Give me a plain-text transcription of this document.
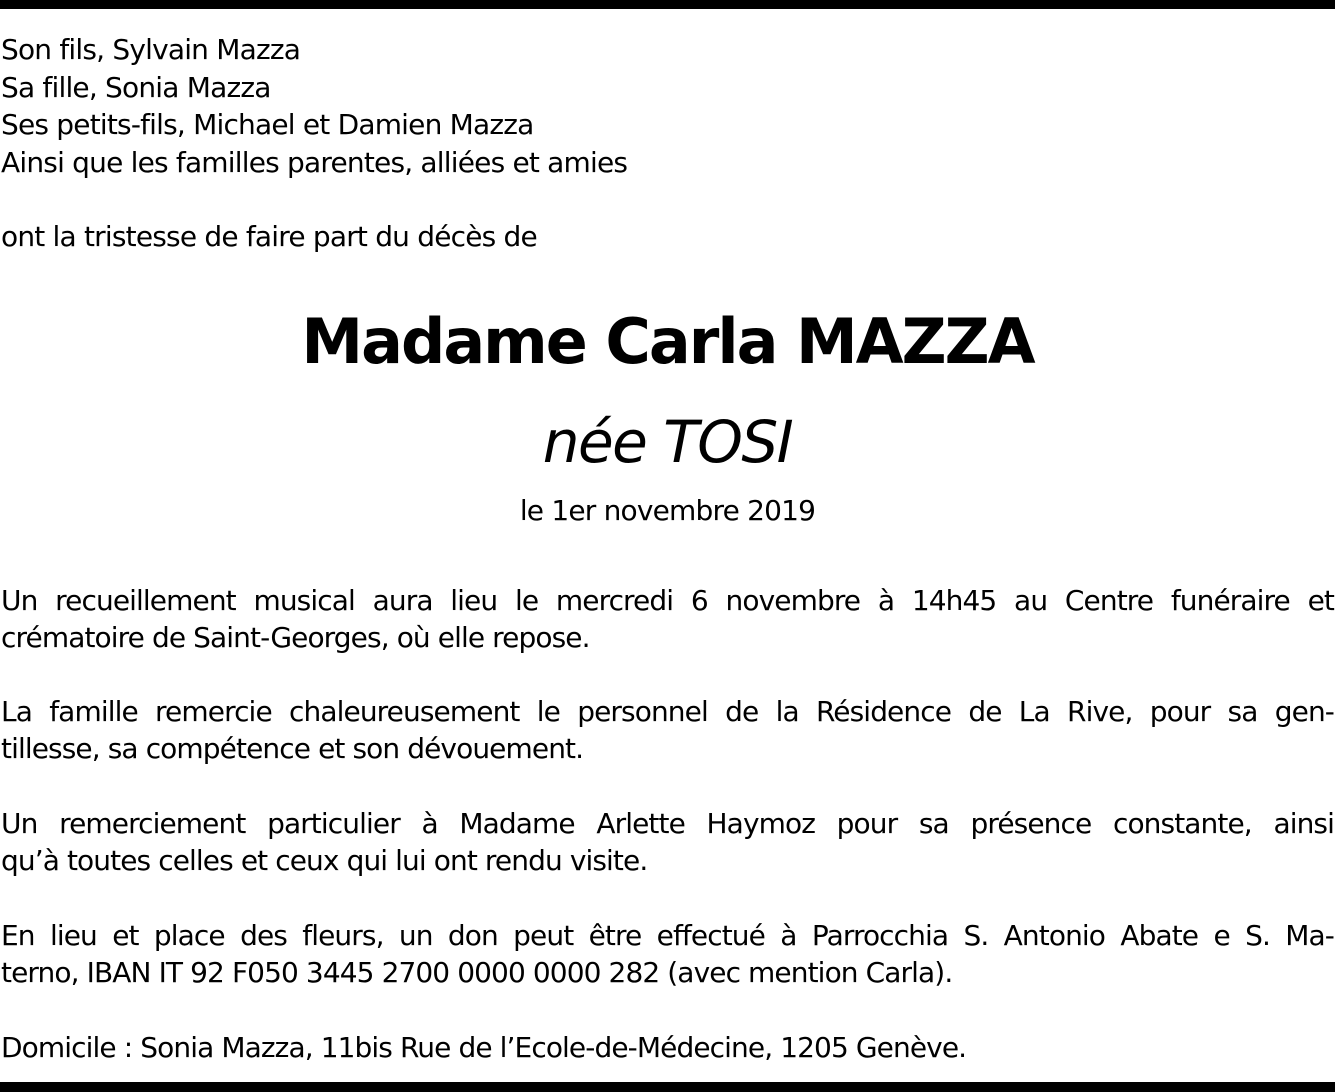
Son fils, Sylvain Mazza
Sa fille, Sonia Mazza
Ses petits-fils, Michael et Damien Mazza
Ainsi que les familles parentes, alliées et amies
ont la tristesse de faire part du décès de
Madame Carla MAZZA
née TOSI
le 1er novembre 2019
Un recueillement musical aura lieu le mercredi 6 novembre à 14h45 au Centre funéraire et
crématoire de Saint-Georges, où elle repose.
La famille remercie chaleureusement le personnel de la Résidence de La Rive, pour sa gen-
tillesse, sa compétence et son dévouement.
Un remerciement particulier à Madame Arlette Haymoz pour sa présence constante, ainsi
qu’à toutes celles et ceux qui lui ont rendu visite.
En lieu et place des fleurs, un don peut être effectué à Parrocchia S. Antonio Abate e S. Ma-
terno, IBAN IT 92 F050 3445 2700 0000 0000 282 (avec mention Carla).
Domicile : Sonia Mazza, 11bis Rue de l’Ecole-de-Médecine, 1205 Genève.
